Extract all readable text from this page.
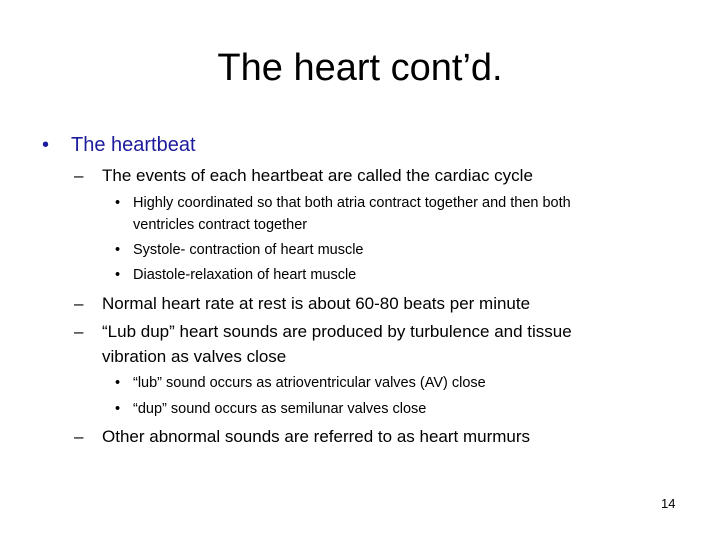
The heart cont’d.
• The heartbeat
– The events of each heartbeat are called the cardiac cycle
• Highly coordinated so that both atria contract together and then both
ventricles contract together
• Systole- contraction of heart muscle
• Diastole-relaxation of heart muscle
– Normal heart rate at rest is about 60-80 beats per minute
– “Lub dup” heart sounds are produced by turbulence and tissue
vibration as valves close
• “lub” sound occurs as atrioventricular valves (AV) close
• “dup” sound occurs as semilunar valves close
– Other abnormal sounds are referred to as heart murmurs
14
